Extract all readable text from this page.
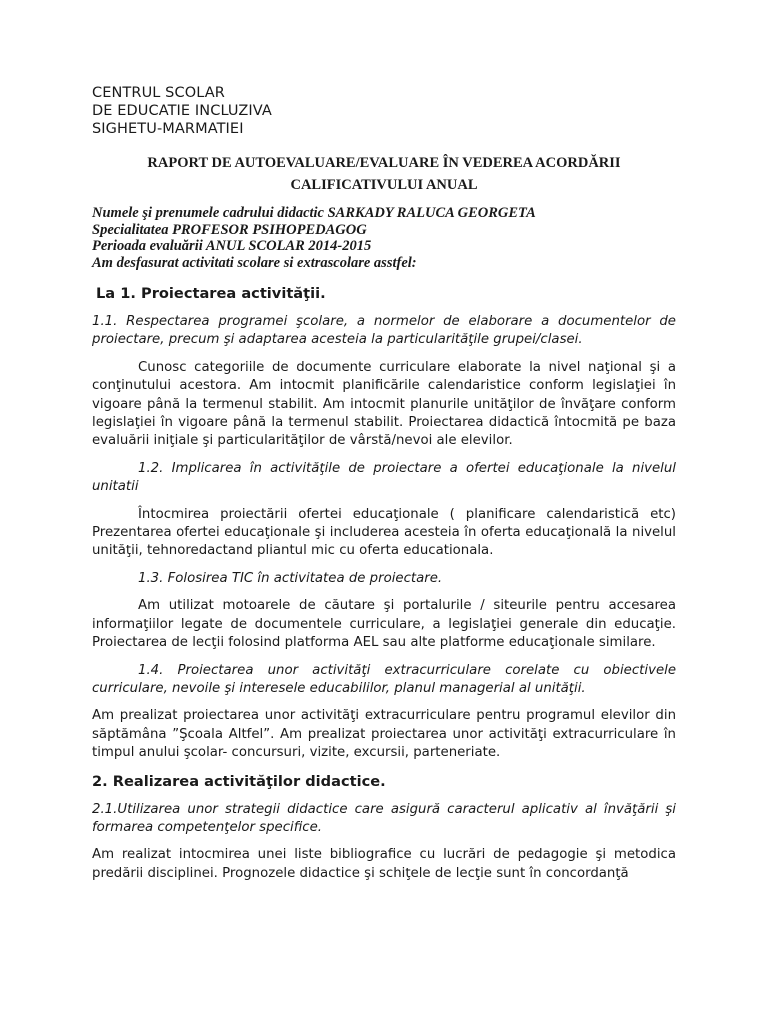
CENTRUL SCOLAR
DE EDUCATIE INCLUZIVA
SIGHETU-MARMATIEI
RAPORT DE AUTOEVALUARE/EVALUARE ÎN VEDEREA ACORDĂRII
CALIFICATIVULUI ANUAL
Numele şi prenumele cadrului didactic SARKADY RALUCA GEORGETA
Specialitatea PROFESOR PSIHOPEDAGOG
Perioada evaluării ANUL SCOLAR 2014-2015
Am desfasurat activitati scolare si extrascolare asstfel:

La 1. Proiectarea activităţii.

1.1. Respectarea programei şcolare, a normelor de elaborare a documentelor de proiectare, precum şi adaptarea acesteia la particularităţile grupei/clasei.

Cunosc categoriile de documente curriculare elaborate la nivel naţional şi a conţinutului acestora. Am intocmit planificările calendaristice conform legislaţiei în vigoare până la termenul stabilit. Am intocmit planurile unităţilor de învăţare conform legislaţiei în vigoare până la termenul stabilit. Proiectarea didactică întocmită pe baza evaluării iniţiale şi particularităţilor de vârstă/nevoi ale elevilor.

1.2. Implicarea în activităţile de proiectare a ofertei educaţionale la nivelul unitatii

Întocmirea proiectării ofertei educaţionale ( planificare calendaristică etc) Prezentarea ofertei educaţionale şi includerea acesteia în oferta educaţională la nivelul unităţii, tehnoredactand pliantul mic cu oferta educationala.

1.3. Folosirea TIC în activitatea de proiectare.

Am utilizat motoarele de căutare şi portalurile / siteurile pentru accesarea informaţiilor legate de documentele curriculare, a legislaţiei generale din educaţie. Proiectarea de lecţii folosind platforma AEL sau alte platforme educaţionale similare.

1.4. Proiectarea unor activităţi extracurriculare corelate cu obiectivele curriculare, nevoile şi interesele educabililor, planul managerial al unităţii.

Am prealizat proiectarea unor activităţi extracurriculare pentru programul elevilor din săptămâna ”Şcoala Altfel”. Am prealizat proiectarea unor activităţi extracurriculare în timpul anului şcolar- concursuri, vizite, excursii, parteneriate.

2. Realizarea activităţilor didactice.

2.1.Utilizarea unor strategii didactice care asigură caracterul aplicativ al învăţării şi formarea competenţelor specifice.

Am realizat intocmirea unei liste bibliografice cu lucrări de pedagogie şi metodica predării disciplinei. Prognozele didactice şi schiţele de lecţie sunt în concordanţă
